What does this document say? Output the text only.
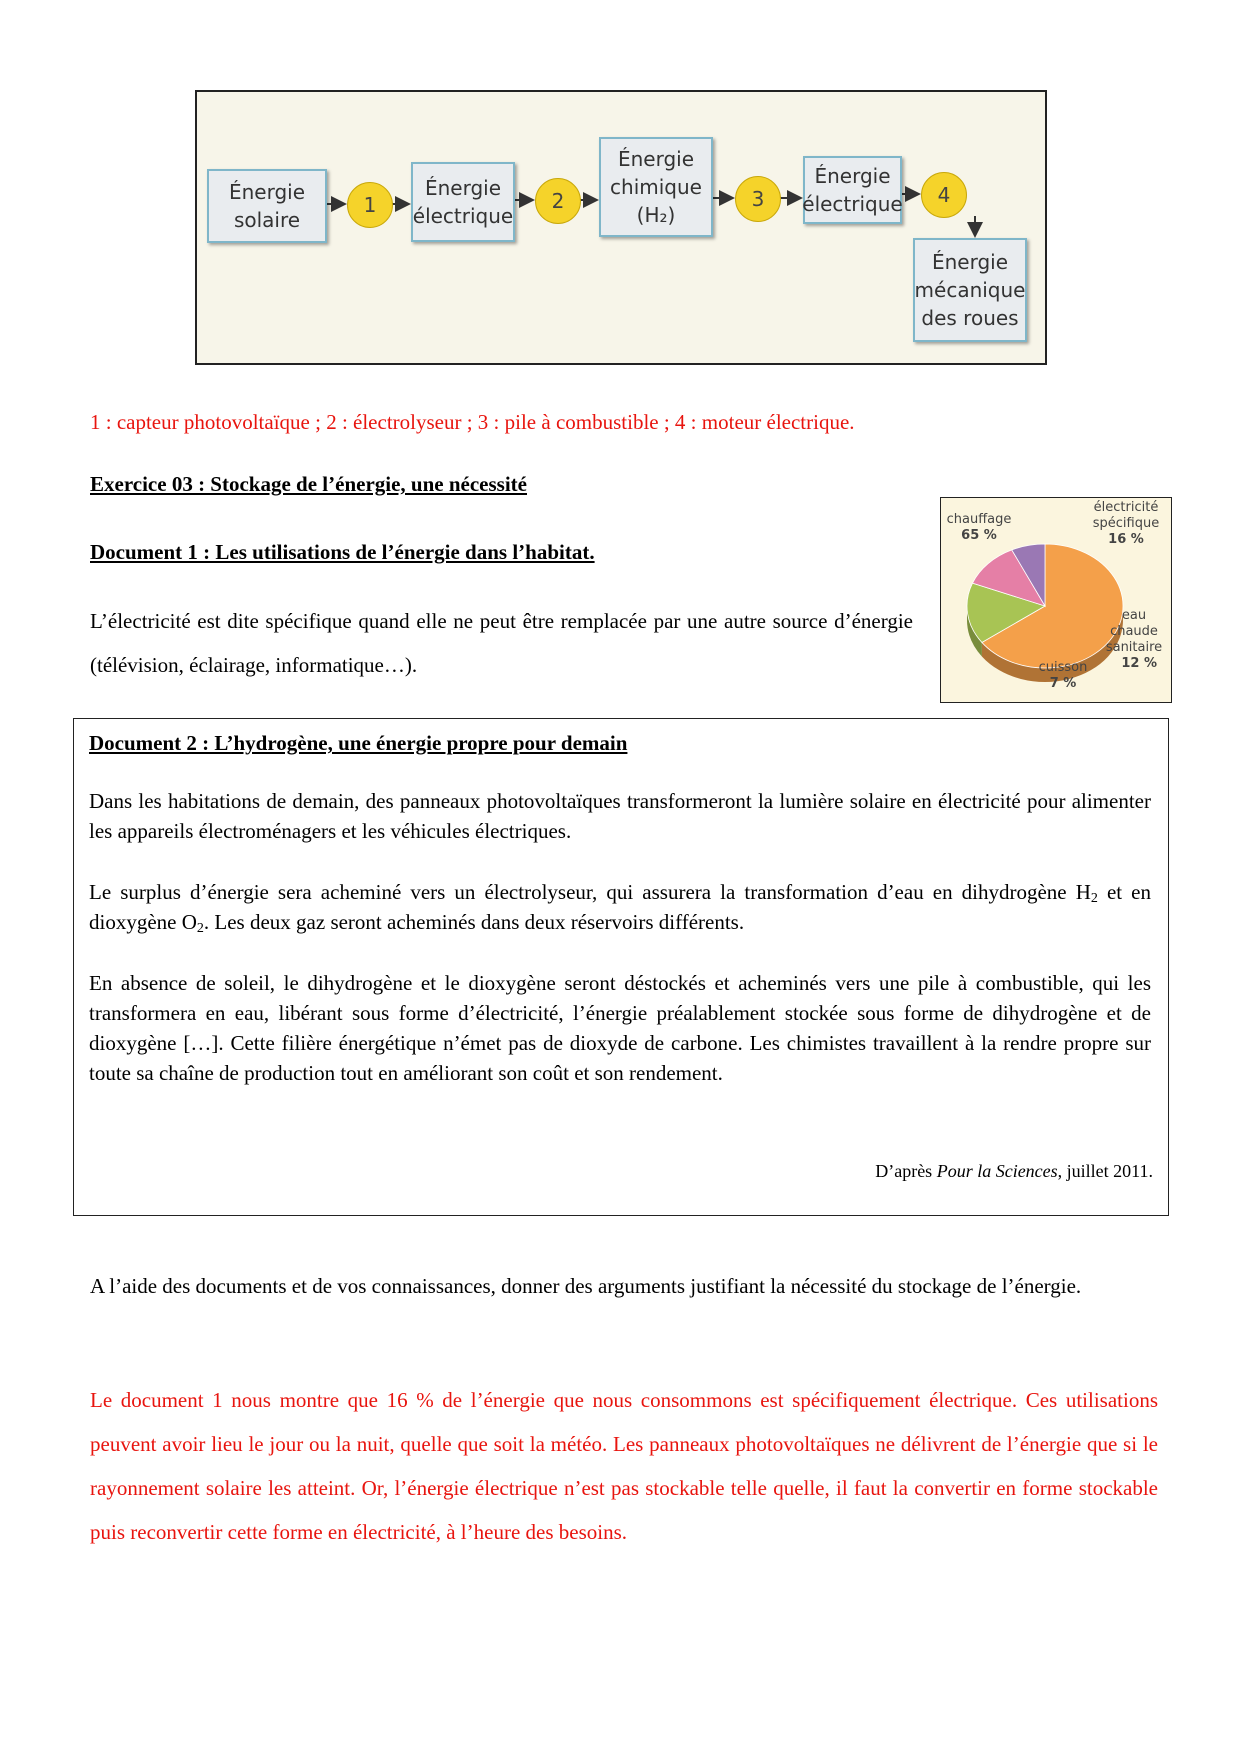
Énergie
solaire
1
Énergie
électrique
2
Énergie
chimique
(H₂)
3
Énergie
électrique 4
Énergie
mécanique
des roues
1 : capteur photovoltaïque ; 2 : électrolyseur ; 3 : pile à combustible ; 4 : moteur électrique.
Exercice 03 : Stockage de l’énergie, une nécessité
Document 1 : Les utilisations de l’énergie dans l’habitat.
L’électricité est dite spécifique quand elle ne peut être remplacée par une autre source d’énergie (télévision, éclairage, informatique…).
chauffage
65 %
électricité
spécifique
16 %
eau
chaude
sanitaire
12 %
cuisson
7 %
Document 2 : L’hydrogène, une énergie propre pour demain
Dans les habitations de demain, des panneaux photovoltaïques transformeront la lumière solaire en électricité pour alimenter les appareils électroménagers et les véhicules électriques.
Le surplus d’énergie sera acheminé vers un électrolyseur, qui assurera la transformation d’eau en dihydrogène $H_2$ et en dioxygène $O_2$. Les deux gaz seront acheminés dans deux réservoirs différents.
En absence de soleil, le dihydrogène et le dioxygène seront déstockés et acheminés vers une pile à combustible, qui les transformera en eau, libérant sous forme d’électricité, l’énergie préalablement stockée sous forme de dihydrogène et de dioxygène […]. Cette filière énergétique n’émet pas de dioxyde de carbone. Les chimistes travaillent à la rendre propre sur toute sa chaîne de production tout en améliorant son coût et son rendement.
D’après Pour la Sciences, juillet 2011.
A l’aide des documents et de vos connaissances, donner des arguments justifiant la nécessité du stockage de l’énergie.
Le document 1 nous montre que 16 % de l’énergie que nous consommons est spécifiquement électrique. Ces utilisations peuvent avoir lieu le jour ou la nuit, quelle que soit la météo. Les panneaux photovoltaïques ne délivrent de l’énergie que si le rayonnement solaire les atteint. Or, l’énergie électrique n’est pas stockable telle quelle, il faut la convertir en forme stockable puis reconvertir cette forme en électricité, à l’heure des besoins.
